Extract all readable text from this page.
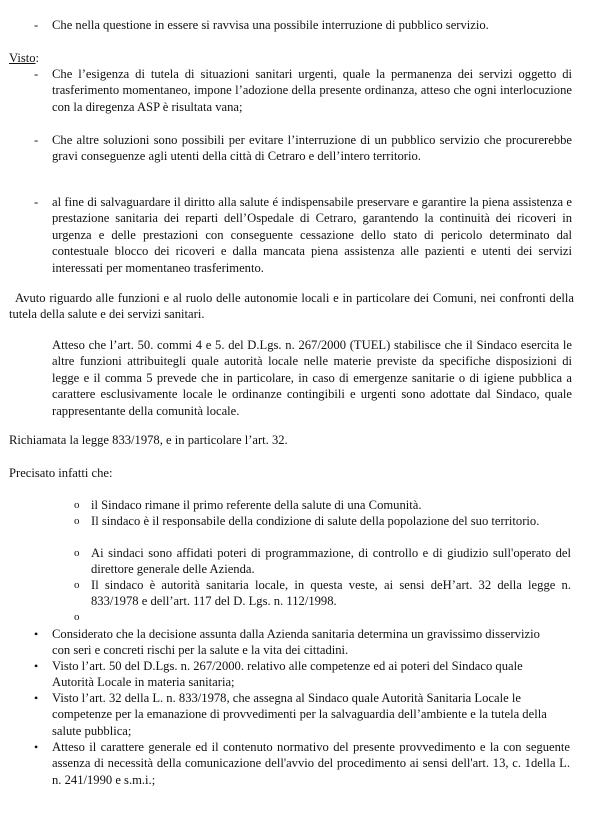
- Che nella questione in essere si ravvisa una possibile interruzione di pubblico servizio.

Visto:
- Che l’esigenza di tutela di situazioni sanitari urgenti, quale la permanenza dei servizi oggetto di trasferimento momentaneo, impone l’adozione della presente ordinanza, atteso che ogni interlocuzione con la diregenza ASP è risultata vana;

- Che altre soluzioni sono possibili per evitare l’interruzione di un pubblico servizio che procurerebbe gravi conseguenze agli utenti della città di Cetraro e dell’intero territorio.

- al fine di salvaguardare il diritto alla salute é indispensabile preservare e garantire la piena assistenza e prestazione sanitaria dei reparti dell’Ospedale di Cetraro, garantendo la continuità dei ricoveri in urgenza e delle prestazioni con conseguente cessazione dello stato di pericolo determinato dal contestuale blocco dei ricoveri e dalla mancata piena assistenza alle pazienti e utenti dei servizi interessati per momentaneo trasferimento.

Avuto riguardo alle funzioni e al ruolo delle autonomie locali e in particolare dei Comuni, nei confronti della tutela della salute e dei servizi sanitari.

Atteso che l’art. 50. commi 4 e 5. del D.Lgs. n. 267/2000 (TUEL) stabilisce che il Sindaco esercita le altre funzioni attribuitegli quale autorità locale nelle materie previste da specifiche disposizioni di legge e il comma 5 prevede che in particolare, in caso di emergenze sanitarie o di igiene pubblica a carattere esclusivamente locale le ordinanze contingibili e urgenti sono adottate dal Sindaco, quale rappresentante della comunità locale.

Richiamata la legge 833/1978, e in particolare l’art. 32.

Precisato infatti che:

o il Sindaco rimane il primo referente della salute di una Comunità.

o Il sindaco è il responsabile della condizione di salute della popolazione del suo territorio.

o Ai sindaci sono affidati poteri di programmazione, di controllo e di giudizio sull'operato del direttore generale delle Azienda.

o Il sindaco è autorità sanitaria locale, in questa veste, ai sensi deH’art. 32 della legge n. 833/1978 e dell’art. 117 del D. Lgs. n. 112/1998.

o

• Considerato che la decisione assunta dalla Azienda sanitaria determina un gravissimo disservizio con seri e concreti rischi per la salute e la vita dei cittadini.

• Visto l’art. 50 del D.Lgs. n. 267/2000. relativo alle competenze ed ai poteri del Sindaco quale Autorità Locale in materia sanitaria;

• Visto l’art. 32 della L. n. 833/1978, che assegna al Sindaco quale Autorità Sanitaria Locale le competenze per la emanazione di provvedimenti per la salvaguardia dell’ambiente e la tutela della salute pubblica;

• Atteso il carattere generale ed il contenuto normativo del presente provvedimento e la con seguente assenza di necessità della comunicazione dell'avvio del procedimento ai sensi dell'art. 13, c. 1della L. n. 241/1990 e s.m.i.;
